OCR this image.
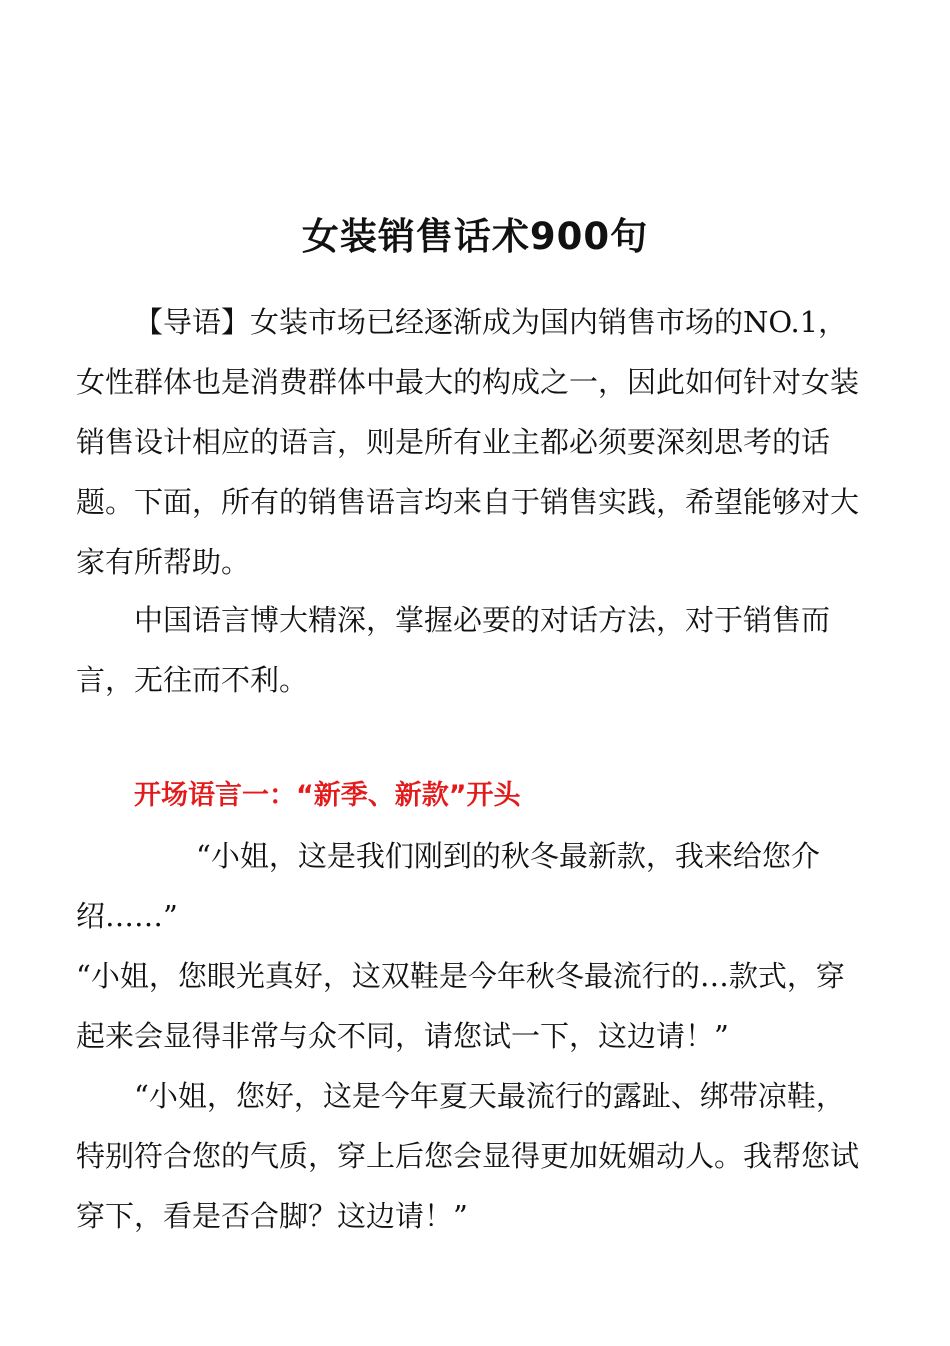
女装销售话术900句

【导语】女装市场已经逐渐成为国内销售市场的NO.1，女性群体也是消费群体中最大的构成之一，因此如何针对女装销售设计相应的语言，则是所有业主都必须要深刻思考的话题。下面，所有的销售语言均来自于销售实践，希望能够对大家有所帮助。

中国语言博大精深，掌握必要的对话方法，对于销售而言，无往而不利。

开场语言一：“新季、新款”开头

“小姐，这是我们刚到的秋冬最新款，我来给您介绍……”

“小姐，您眼光真好，这双鞋是今年秋冬最流行的…款式，穿起来会显得非常与众不同，请您试一下，这边请！”

“小姐，您好，这是今年夏天最流行的露趾、绑带凉鞋，特别符合您的气质，穿上后您会显得更加妩媚动人。我帮您试穿下，看是否合脚？这边请！”
